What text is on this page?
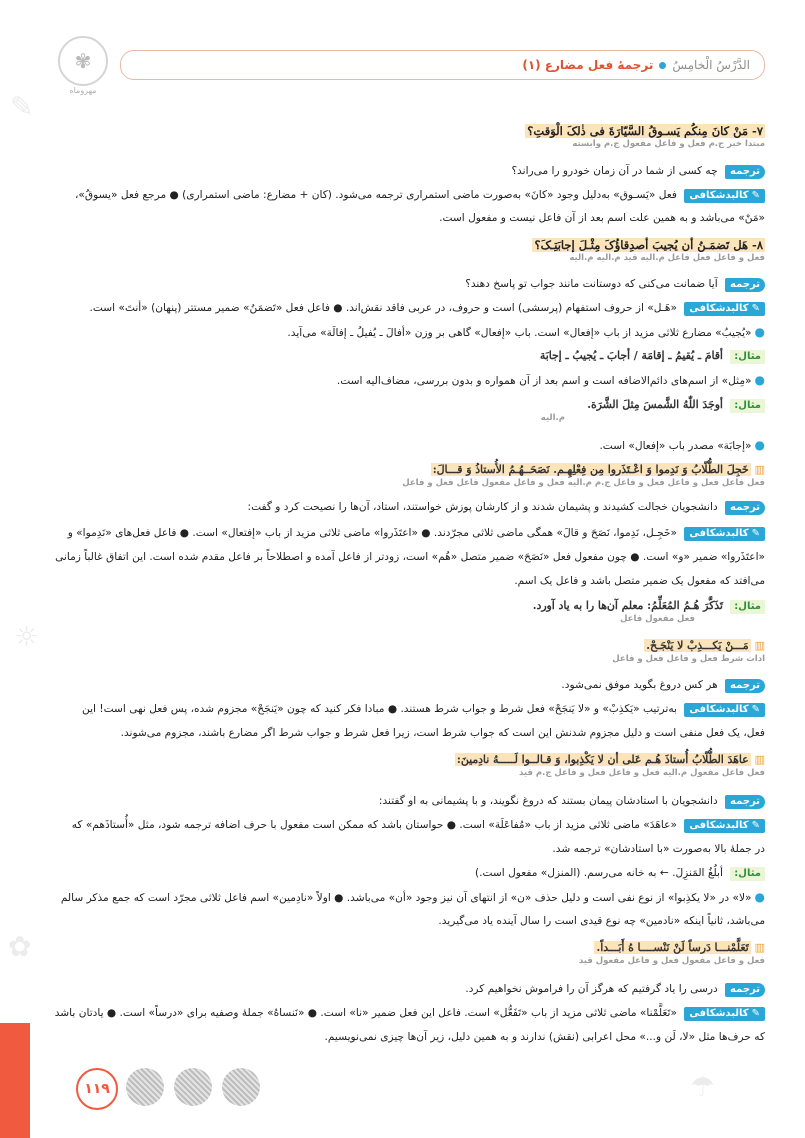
✎
☼
✿
☂
✾
مهروماه
الدَّرْسُ الْخامِسُ
ترجمهٔ فعل مضارع (۱)
۷- مَنْ کانَ مِنکُم یَسـوقُ السَّیّارَةَ فی ذٰلکَ الْوَقتِ؟
مبتدا خبر ج.م فعل و فاعل مفعول ج.م وابسته
ترجمه چه کسی از شما در آن زمان خودرو را می‌راند؟
✎کالبدشکافی فعل «یَسـوق» به‌دلیل وجود «کانَ» به‌صورت ماضی استمراری ترجمه می‌شود. (کان + مضارع: ماضی استمراری) ● مرجع فعل «یسوقُ»،
«مَنْ» می‌باشد و به همین علت اسم بعد از آن فاعل نیست و مفعول است.
۸- هَل تَضمَـنُ أن یُجیبَ أصدِقاؤُکَ مِثْـلَ إجابَتِـکَ؟
فعل و فاعل فعل فاعل م.الیه قید م.الیه م.الیه
ترجمه آیا ضمانت می‌کنی که دوستانت مانند جواب تو پاسخ دهند؟
✎کالبدشکافی «هَـل» از حروف استفهام (پرسشی) است و حروف، در عربی فاقد نقش‌اند. ● فاعل فعل «تَضمَنُ» ضمیر مستتر (پنهان) «أنتَ» است.
●«یُجیبُ» مضارع ثلاثی مزید از باب «إفعال» است. باب «إفعال» گاهی بر وزن «أفالَ ـ یُفیلُ ـ إفالَة» می‌آید.
مثال: أقامَ ـ یُقیمُ ـ إقامَة / أجابَ ـ یُجیبُ ـ إجابَة
●«مِثل» از اسم‌های دائم‌الاضافه است و اسم بعد از آن همواره و بدون بررسی، مضاف‌الیه است.
مثال: أوجَدَ اللّٰهُ الشَّمسَ مِثلَ الشَّرَة.
م.الیه
●«إجابَة» مصدر باب «إفعال» است.
▥خَجِلَ الطُّلّابُ وَ نَدِموا وَ اعْـتَذَروا مِن فِعْلِهِـم. نَصَحَــهُـمُ الأُستاذُ وَ قـــالَ:
فعل فاعل فعل و فاعل فعل و فاعل ج.م م.الیه فعل و فاعل مفعول فاعل فعل و فاعل
ترجمه دانشجویان خجالت کشیدند و پشیمان شدند و از کارشان پوزش خواستند، استاد، آن‌ها را نصیحت کرد و گفت:
✎کالبدشکافی «خَجِـل، نَدِموا، نَصَحَ و قالَ» همگی ماضی ثلاثی مجرّدند. ● «اعتَذَروا» ماضی ثلاثی مزید از باب «إفتعال» است. ● فاعل فعل‌های «نَدِموا» و
«اعتَذَروا» ضمیر «و» است. ● چون مفعول فعل «نَصَحَ» ضمیر متصل «هُم» است، زودتر از فاعل آمده و اصطلاحاً بر فاعل مقدم شده است. این اتفاق غالباً زمانی
می‌افتد که مفعول یک ضمیر متصل باشد و فاعل یک اسم.
مثال: تَذَکَّرَ هُـمُ المُعَلِّمُ: معلم آن‌ها را به یاد آورد.
فعل مفعول فاعل
▥مَـــنْ یَکـــذِبْ لا یَنْجَـحْ.
ادات شرط فعل و فاعل فعل و فاعل
ترجمه هر کس دروغ بگوید موفق نمی‌شود.
✎کالبدشکافی به‌ترتیب «یَکذِبْ» و «لا یَنجَحْ» فعل شرط و جواب شرط هستند. ● مبادا فکر کنید که چون «یَنجَحْ» مجزوم شده، پس فعل نهی است! این
فعل، یک فعل منفی است و دلیل مجزوم شدنش این است که جواب شرط است، زیرا فعل شرط و جواب شرط اگر مضارع باشند، مجزوم می‌شوند.
▥عاهَدَ الطُّلّابُ أُستاذَ هُـم عَلی أن لا یَکْذِبوا، وَ قـالــوا لَـــــهُ نادِمینَ:
فعل فاعل مفعول م.الیه فعل و فاعل فعل و فاعل ج.م قید
ترجمه دانشجویان با استادشان پیمان بستند که دروغ نگویند، و با پشیمانی به او گفتند:
✎کالبدشکافی «عاهَدَ» ماضی ثلاثی مزید از باب «مُفاعَلَة» است. ● حواستان باشد که ممکن است مفعول با حرف اضافه ترجمه شود، مثل «أُستاذَهم» که
در جملهٔ بالا به‌صورت «با استادشان» ترجمه شد.
مثال: أبلُغُ المَنزِلَ. ← به خانه می‌رسم. (المنزل» مفعول است.)
●«لا» در «لا یکذِبوا» از نوع نفی است و دلیل حذف «ن» از انتهای آن نیز وجود «أن» می‌باشد. ● اولاً «نادِمین» اسم فاعل ثلاثی مجرّد است که جمع مذکر سالم
می‌باشد، ثانیاً اینکه «نادمین» چه نوع قیدی است را سال آینده یاد می‌گیرید.
▥تَعَلَّمْنـــا دَرساً لَنْ نَنْســــا هُ أَبَـــداً.
فعل و فاعل مفعول فعل و فاعل مفعول قید
ترجمه درسی را یاد گرفتیم که هرگز آن را فراموش نخواهیم کرد.
✎کالبدشکافی «تَعَلَّمْنا» ماضی ثلاثی مزید از باب «تَفَعُّل» است. فاعل این فعل ضمیر «نا» است. ● «نَنساهُ» جملهٔ وصفیه برای «درساً» است. ● یادتان باشد
که حرف‌ها مثل «لا، لَن و...» محل اعرابی (نقش) ندارند و به همین دلیل، زیر آن‌ها چیزی نمی‌نویسیم.
۱۱۹
